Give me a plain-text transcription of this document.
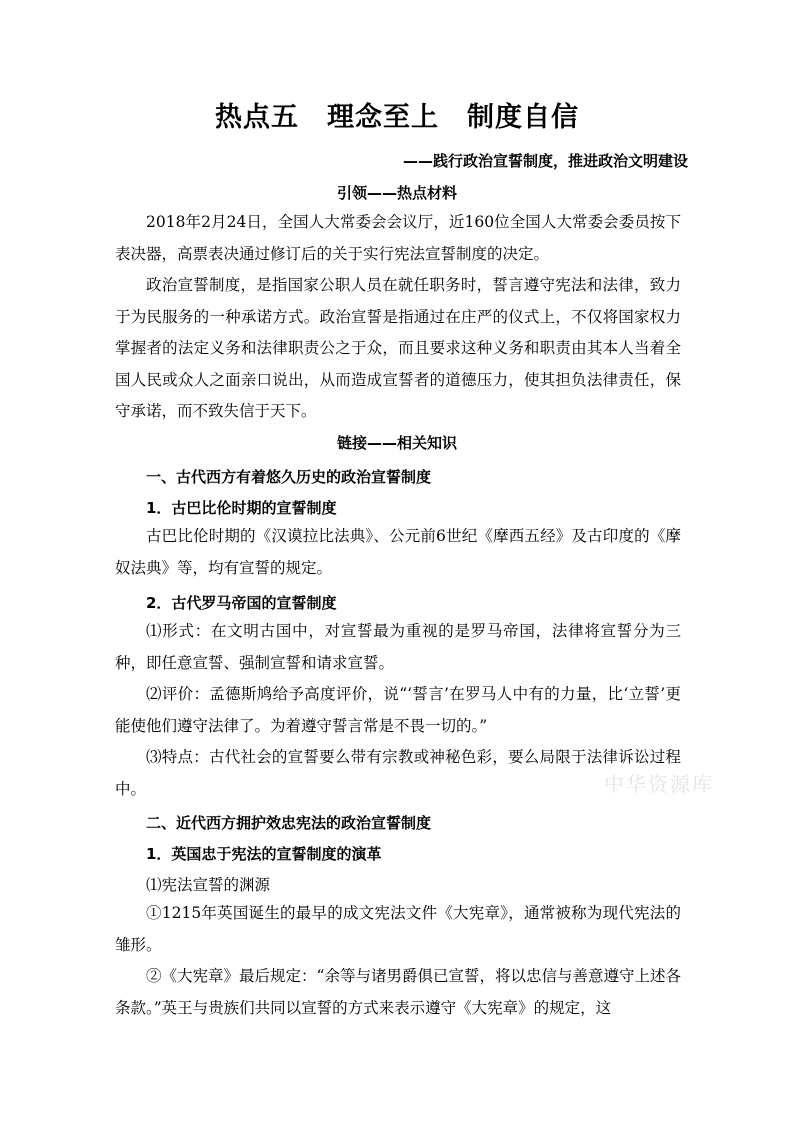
热点五　理念至上　制度自信
——践行政治宣誓制度，推进政治文明建设
引领——热点材料
2018年2月24日，全国人大常委会会议厅，近160位全国人大常委会委员按下表决器，高票表决通过修订后的关于实行宪法宣誓制度的决定。
政治宣誓制度，是指国家公职人员在就任职务时，誓言遵守宪法和法律，致力于为民服务的一种承诺方式。政治宣誓是指通过在庄严的仪式上，不仅将国家权力掌握者的法定义务和法律职责公之于众，而且要求这种义务和职责由其本人当着全国人民或众人之面亲口说出，从而造成宣誓者的道德压力，使其担负法律责任，保守承诺，而不致失信于天下。
链接——相关知识
一、古代西方有着悠久历史的政治宣誓制度
1．古巴比伦时期的宣誓制度
古巴比伦时期的《汉谟拉比法典》、公元前6世纪《摩西五经》及古印度的《摩奴法典》等，均有宣誓的规定。
2．古代罗马帝国的宣誓制度
⑴形式：在文明古国中，对宣誓最为重视的是罗马帝国，法律将宣誓分为三种，即任意宣誓、强制宣誓和请求宣誓。
⑵评价：孟德斯鸠给予高度评价，说“‘誓言’在罗马人中有的力量，比‘立誓’更能使他们遵守法律了。为着遵守誓言常是不畏一切的。”
⑶特点：古代社会的宣誓要么带有宗教或神秘色彩，要么局限于法律诉讼过程中。
二、近代西方拥护效忠宪法的政治宣誓制度
1．英国忠于宪法的宣誓制度的演革
⑴宪法宣誓的渊源
①1215年英国诞生的最早的成文宪法文件《大宪章》，通常被称为现代宪法的雏形。
②《大宪章》最后规定：“余等与诸男爵俱已宣誓，将以忠信与善意遵守上述各条款。”英王与贵族们共同以宣誓的方式来表示遵守《大宪章》的规定，这
中华资源库
